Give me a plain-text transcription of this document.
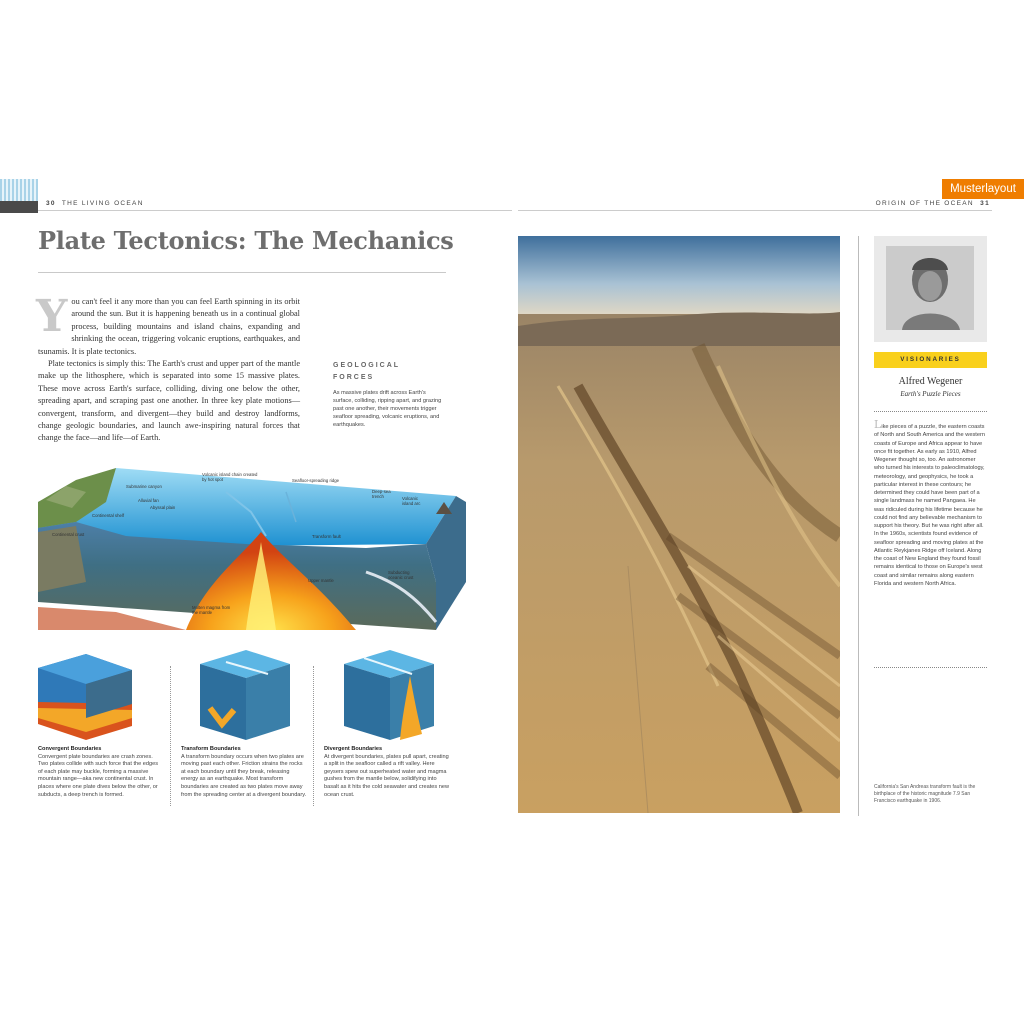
30 THE LIVING OCEAN	ORIGIN OF THE OCEAN 31
Musterlayout
Plate Tectonics: The Mechanics

You can't feel it any more than you can feel Earth spinning in its orbit around the sun. But it is happening beneath us in a continual global process, building mountains and island chains, expanding and shrinking the ocean, triggering volcanic eruptions, earthquakes, and tsunamis. It is plate tectonics.

Plate tectonics is simply this: The Earth's crust and upper part of the mantle make up the lithosphere, which is separated into some 15 massive plates. These move across Earth's surface, colliding, diving one below the other, spreading apart, and scraping past one another. In three key plate motions—convergent, transform, and divergent—they build and destroy landforms, change geologic boundaries, and launch awe-inspiring natural forces that change the face—and life—of Earth.

GEOLOGICAL FORCES
As massive plates drift across Earth's surface, colliding, ripping apart, and grazing past one another, their movements trigger seafloor spreading, volcanic eruptions, and earthquakes.
Submarine canyon
Alluvial fan
Abyssal plain
Continental shelf
Continental crust
Volcanic island chain created by hot spot	Seafloor-spreading ridge
Deep-sea trench	Volcanic island arc
Transform fault
Subducting oceanic crust
Upper mantle
Molten magma from the mantle
Convergent Boundaries
Convergent plate boundaries are crash zones. Two plates collide with such force that the edges of each plate may buckle, forming a massive mountain range—aka new continental crust. In places where one plate dives below the other, or subducts, a deep trench is formed.
Transform Boundaries
A transform boundary occurs when two plates are moving past each other. Friction strains the rocks at each boundary until they break, releasing energy as an earthquake. Most transform boundaries are created as two plates move away from the spreading center at a divergent boundary.
Divergent Boundaries
At divergent boundaries, plates pull apart, creating a split in the seafloor called a rift valley. Here geysers spew out superheated water and magma gushes from the mantle below, solidifying into basalt as it hits the cold seawater and creates new ocean crust.
VISIONARIES
Alfred Wegener
Earth's Puzzle Pieces
Like pieces of a puzzle, the eastern coasts of North and South America and the western coasts of Europe and Africa appear to have once fit together. As early as 1910, Alfred Wegener thought so, too. An astronomer who turned his interests to paleoclimatology, meteorology, and geophysics, he took a particular interest in these contours; he determined they could have been part of a single landmass he named Pangaea. He was ridiculed during his lifetime because he could not find any believable mechanism to support his theory. But he was right after all. In the 1960s, scientists found evidence of seafloor spreading and moving plates at the Atlantic Reykjanes Ridge off Iceland. Along the coast of New England they found fossil remains identical to those on Europe's west coast and similar remains along eastern Florida and western North Africa.
California's San Andreas transform fault is the birthplace of the historic magnitude 7.9 San Francisco earthquake in 1906.
